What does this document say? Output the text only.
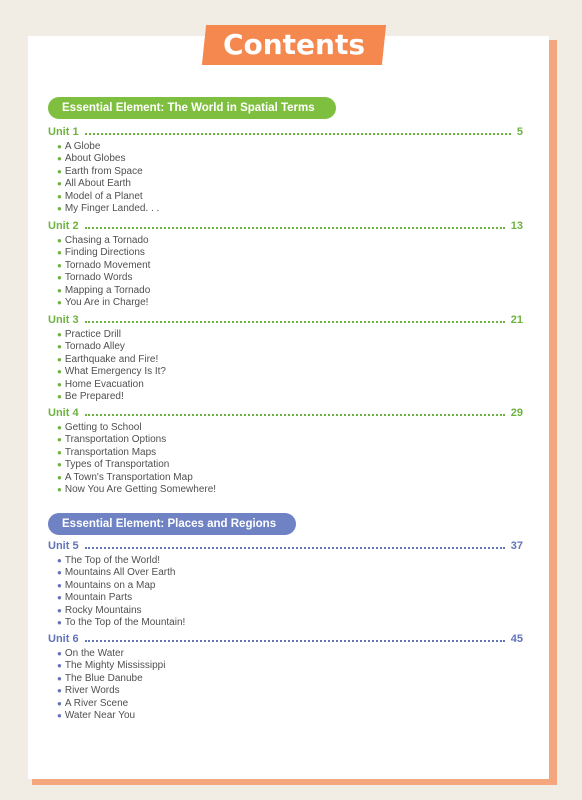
Contents
Essential Element: The World in Spatial Terms
Essential Element: Places and Regions
Unit 1	5
● A Globe
● About Globes
● Earth from Space
● All About Earth
● Model of a Planet
● My Finger Landed. . .
Unit 2	13
● Chasing a Tornado
● Finding Directions
● Tornado Movement
● Tornado Words
● Mapping a Tornado
● You Are in Charge!
Unit 3	21
● Practice Drill
● Tornado Alley
● Earthquake and Fire!
● What Emergency Is It?
● Home Evacuation
● Be Prepared!
Unit 4	29
● Getting to School
● Transportation Options
● Transportation Maps
● Types of Transportation
● A Town's Transportation Map
● Now You Are Getting Somewhere!
Unit 5	37
● The Top of the World!
● Mountains All Over Earth
● Mountains on a Map
● Mountain Parts
● Rocky Mountains
● To the Top of the Mountain!
Unit 6	45
● On the Water
● The Mighty Mississippi
● The Blue Danube
● River Words
● A River Scene
● Water Near You
